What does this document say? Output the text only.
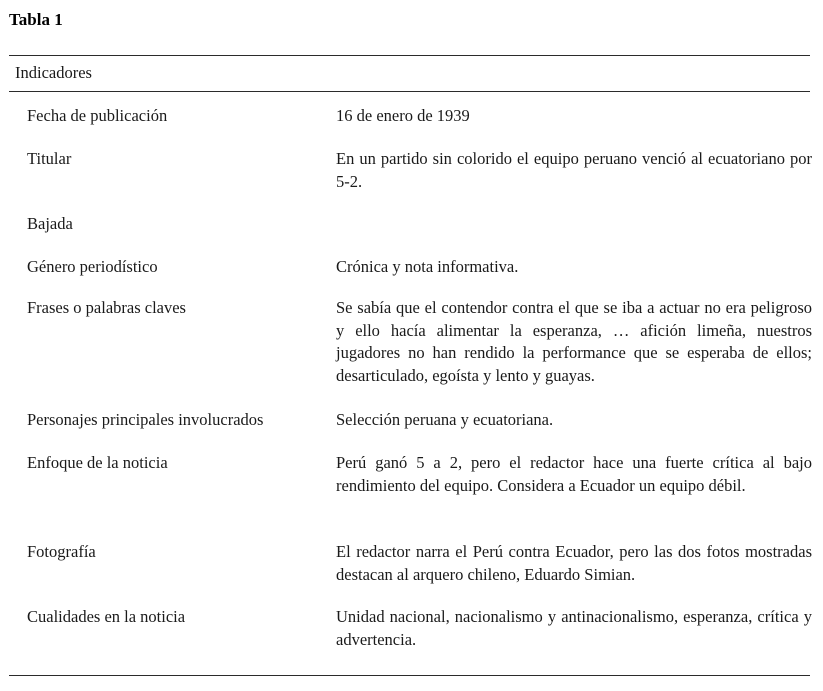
Tabla 1
Indicadores
Fecha de publicación	16 de enero de 1939
Titular	En un partido sin colorido el equipo peruano venció al ecuatoriano por 5-2.
Bajada
Género periodístico	Crónica y nota informativa.
Frases o palabras claves	Se sabía que el contendor contra el que se iba a actuar no era peligroso y ello hacía alimentar la esperanza, … afición limeña, nuestros jugadores no han rendido la performance que se esperaba de ellos; desarticulado, egoísta y lento y guayas.
Personajes principales involucrados	Selección peruana y ecuatoriana.
Enfoque de la noticia	Perú ganó 5 a 2, pero el redactor hace una fuerte crítica al bajo rendimiento del equipo. Considera a Ecuador un equipo débil.
Fotografía	El redactor narra el Perú contra Ecuador, pero las dos fotos mostradas destacan al arquero chileno, Eduardo Simian.
Cualidades en la noticia	Unidad nacional, nacionalismo y antinacionalismo, esperanza, crítica y advertencia.
